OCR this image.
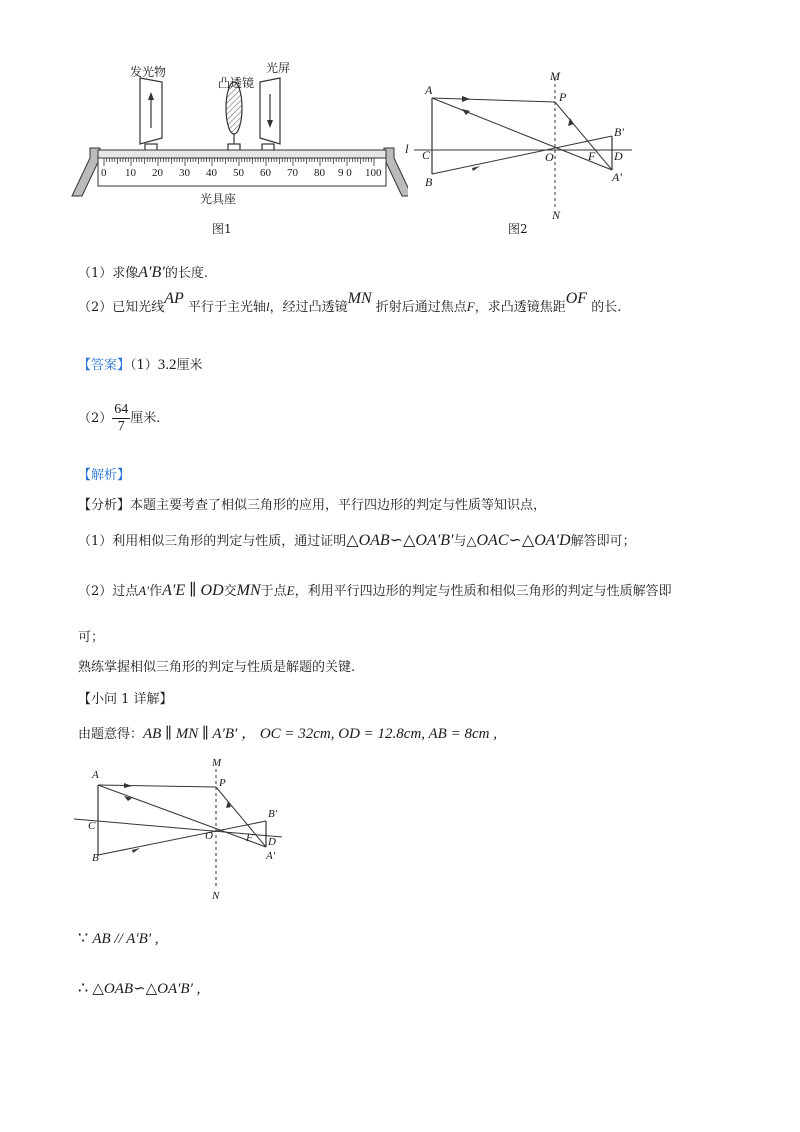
发光物
凸透镜
光屏
0 10 20 30 40 50 60 70 80 9 0 100
光具座
图1
A
M
P
B′
l C	O	F D
B	A′
N
图2
（1）求像A′B′的长度.
（2）已知光线AP 平行于主光轴l，经过凸透镜MN 折射后通过焦点F，求凸透镜焦距OF 的长.
【答案】（1）3.2厘米
$(2) \frac{64}{7}$ 厘米.
【解析】
【分析】本题主要考查了相似三角形的应用，平行四边形的判定与性质等知识点，
（1）利用相似三角形的判定与性质，通过证明△OAB∽△OA′B′与△OAC∽△OA′D解答即可；
（2）过点A′作A′E ∥ OD交MN于点E，利用平行四边形的判定与性质和相似三角形的判定与性质解答即
可；
熟练掌握相似三角形的判定与性质是解题的关键.
【小问 1 详解】
由题意得：AB ∥ MN ∥ A′B′ ， OC = 32cm, OD = 12.8cm, AB = 8cm ,
A
M
P
B′
C
O	F D
B	A′
N
∵ AB // A′B′ ,
∴ △OAB∽△OA′B′ ,
